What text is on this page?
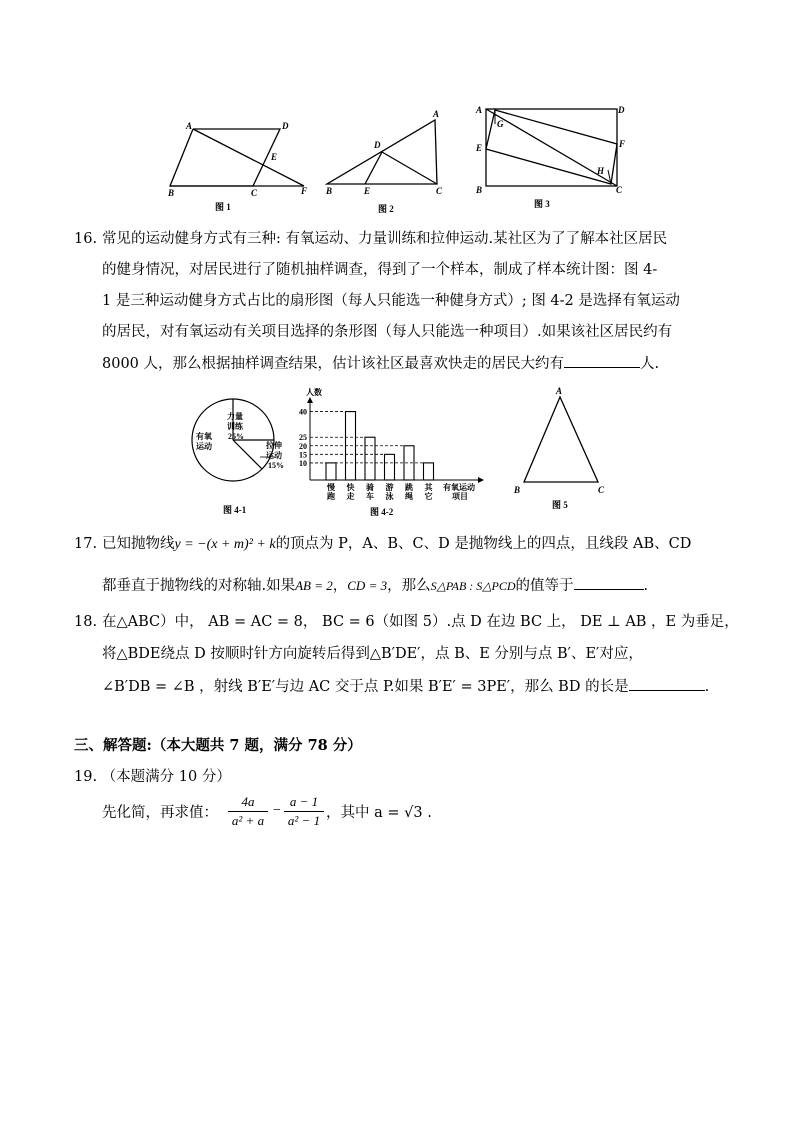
A	D
E
B	C	F
图 1
A
D
B	E	C
图 2
A	D
G
E	F
H
B	C
图 3
16. 常见的运动健身方式有三种: 有氧运动、力量训练和拉伸运动.某社区为了了解本社区居民
的健身情况，对居民进行了随机抽样调查，得到了一个样本，制成了样本统计图：图 4-
1 是三种运动健身方式占比的扇形图（每人只能选一种健身方式）; 图 4-2 是选择有氧运动
的居民，对有氧运动有关项目选择的条形图（每人只能选一种项目）.如果该社区居民约有
8000 人，那么根据抽样调查结果，估计该社区最喜欢快走的居民大约有	人.
力量
训练
25%
拉伸
运动
15%
有氧
运动
图 4-1
人数
10
15
20
25
40
慢
跑
快
走
骑
车
游
泳
跳
绳
其
它
有氧运动
项目
图 4-2
A
B	C
图 5
17. 已知抛物线y = −(x + m)² + k的顶点为 P，A、B、C、D 是抛物线上的四点，且线段 AB、CD
都垂直于抛物线的对称轴.如果AB = 2，CD = 3，那么S△PAB : S△PCD的值等于	.
18. 在△ABC）中， AB = AC = 8， BC = 6（如图 5）.点 D 在边 BC 上， DE ⊥ AB ，E 为垂足，
将△BDE绕点 D 按顺时针方向旋转后得到△B′DE′，点 B、E 分别与点 B′、E′对应，
∠B′DB = ∠B ，射线 B′E′与边 AC 交于点 P.如果 B′E′ = 3PE′，那么 BD 的长是	.
三、解答题:（本大题共 7 题，满分 78 分）
19. （本题满分 10 分）
先化简，再求值：
4a
a² + a
−
a − 1
a² − 1 ，其中 a = √3 .
